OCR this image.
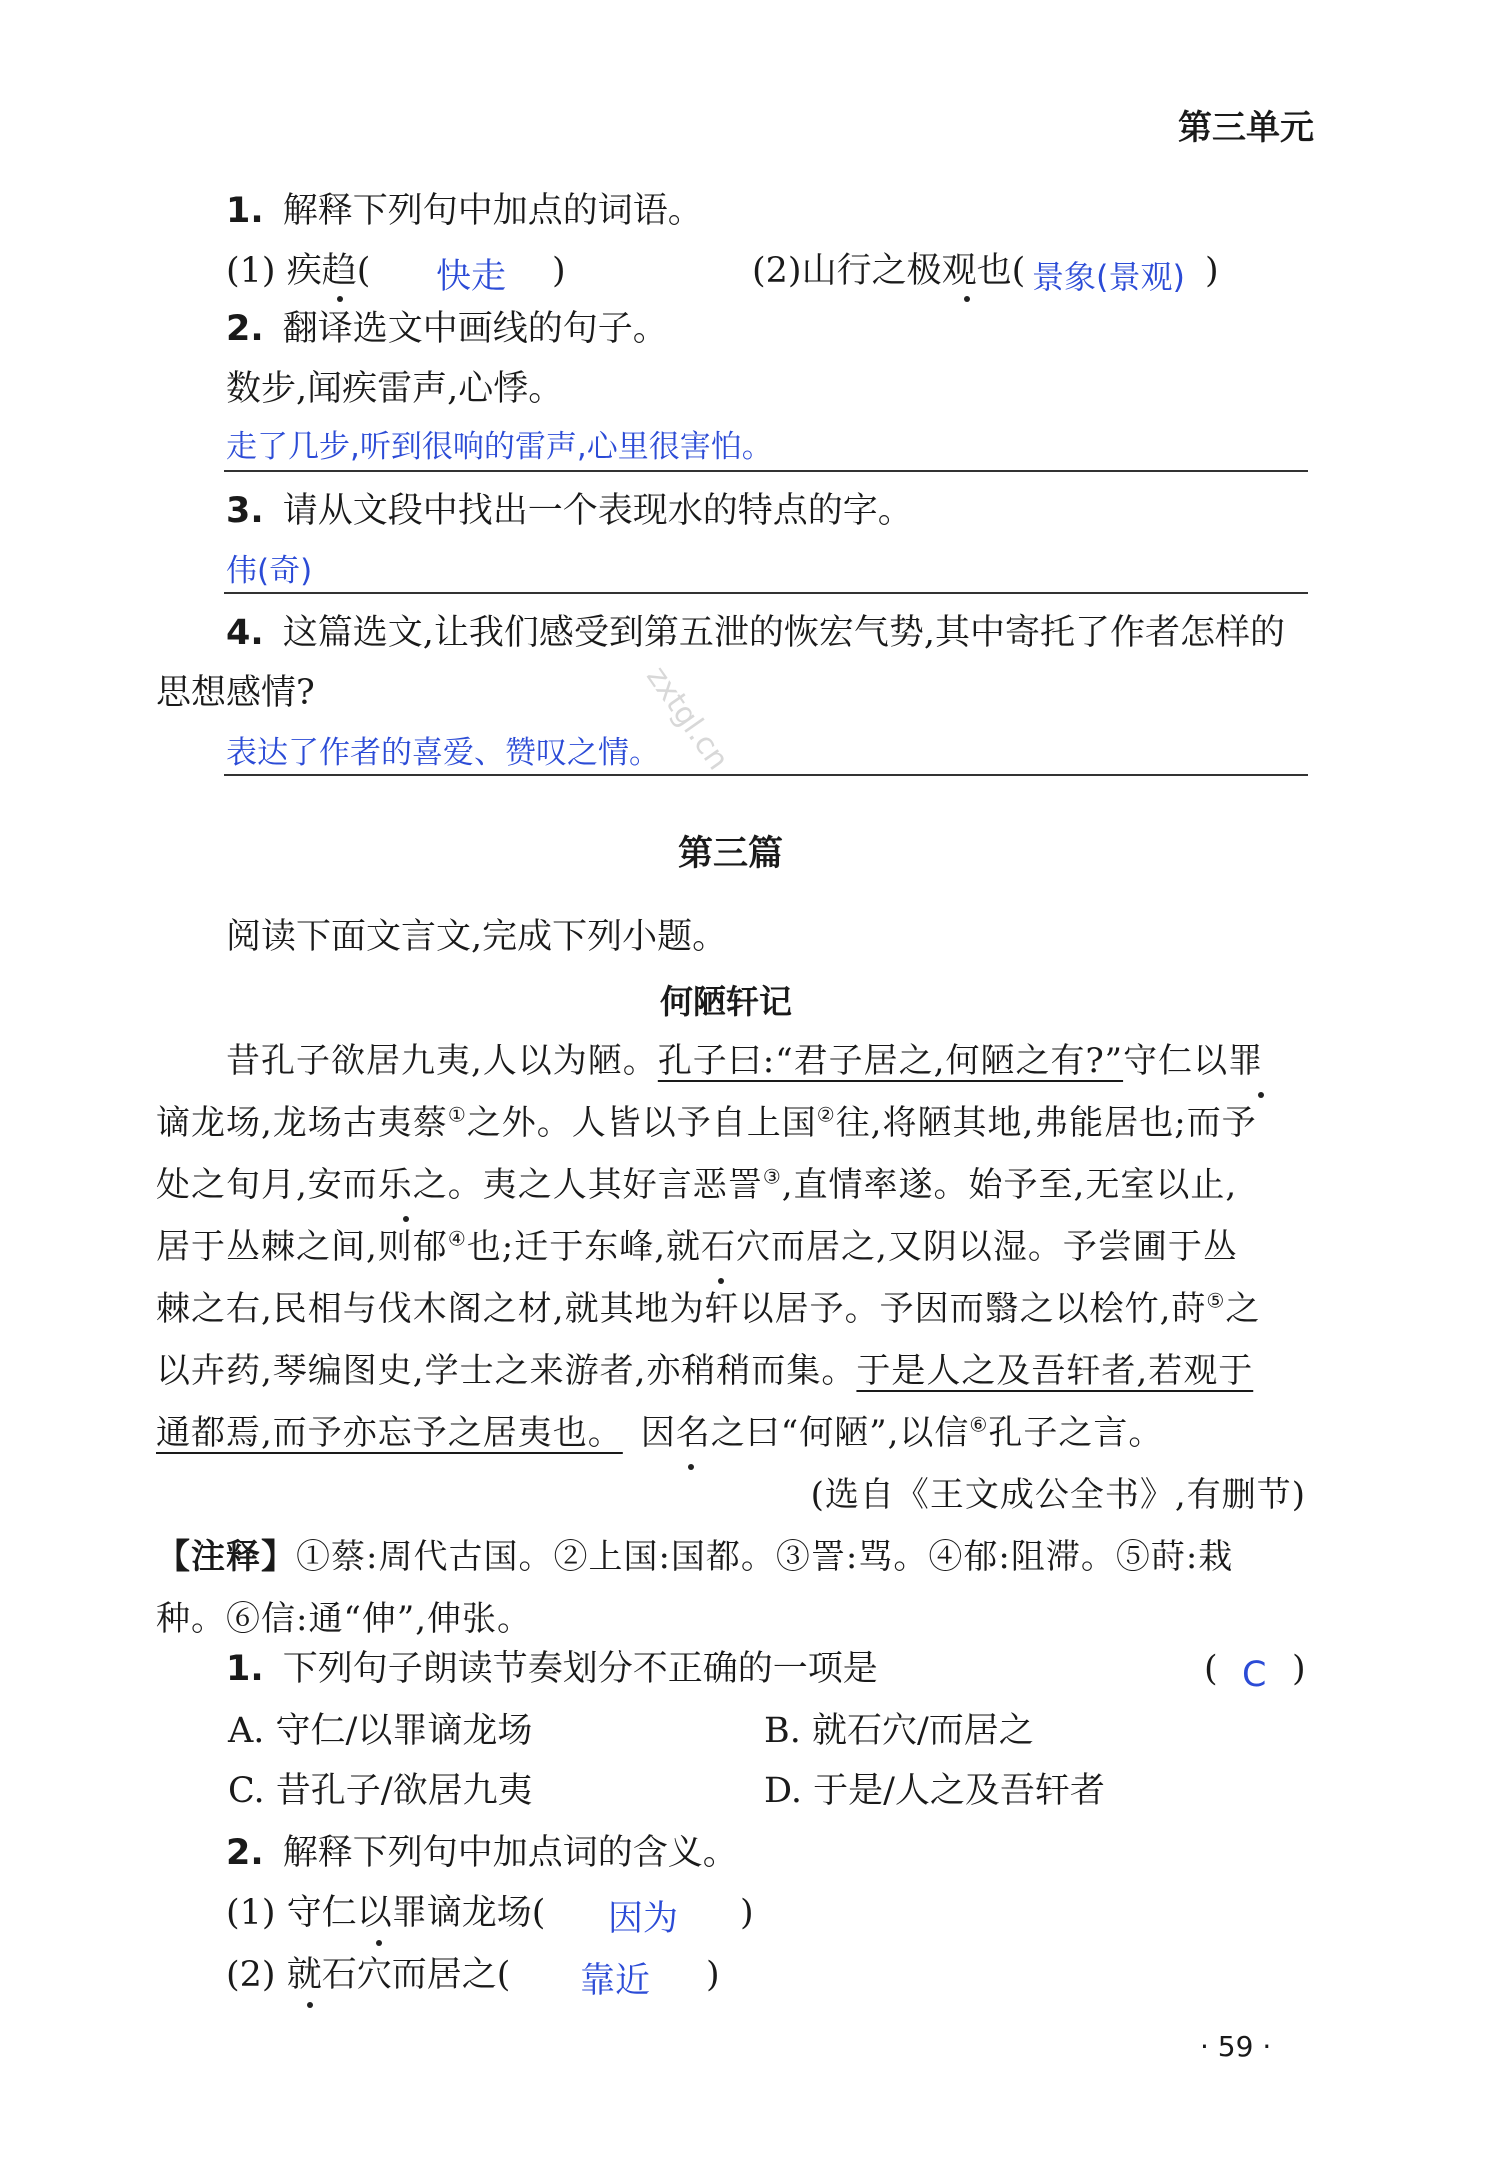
第三单元
1. 解释下列句中加点的词语。
(1) 疾趋( 快走 )	(2)山行之极观也( 景象(景观) )
2. 翻译选文中画线的句子。
数步,闻疾雷声,心悸。
走了几步,听到很响的雷声,心里很害怕。
3. 请从文段中找出一个表现水的特点的字。
伟(奇)
4. 这篇选文,让我们感受到第五泄的恢宏气势,其中寄托了作者怎样的
思想感情?
表达了作者的喜爱、赞叹之情。
zxtgl.cn
第三篇
阅读下面文言文,完成下列小题。
何陋轩记
昔孔子欲居九夷,人以为陋。孔子曰:“君子居之,何陋之有?”守仁以罪
谪龙场,龙场古夷蔡①之外。人皆以予自上国②往,将陋其地,弗能居也;而予
处之旬月,安而乐之。夷之人其好言恶詈③,直情率遂。始予至,无室以止,
居于丛棘之间,则郁④也;迁于东峰,就石穴而居之,又阴以湿。予尝圃于丛
棘之右,民相与伐木阁之材,就其地为轩以居予。予因而翳之以桧竹,莳⑤之
以卉药,琴编图史,学士之来游者,亦稍稍而集。于是人之及吾轩者,若观于
通都焉,而予亦忘予之居夷也。 因名之曰“何陋”,以信⑥孔子之言。
(选自《王文成公全书》,有删节)
【注释】①蔡:周代古国。②上国:国都。③詈:骂。④郁:阻滞。⑤莳:栽
种。⑥信:通“伸”,伸张。
1. 下列句子朗读节奏划分不正确的一项是	( C )
A. 守仁/以罪谪龙场	B. 就石穴/而居之
C. 昔孔子/欲居九夷	D. 于是/人之及吾轩者
2. 解释下列句中加点词的含义。
(1) 守仁以罪谪龙场( 因为 )
(2) 就石穴而居之( 靠近 )
· 59 ·
